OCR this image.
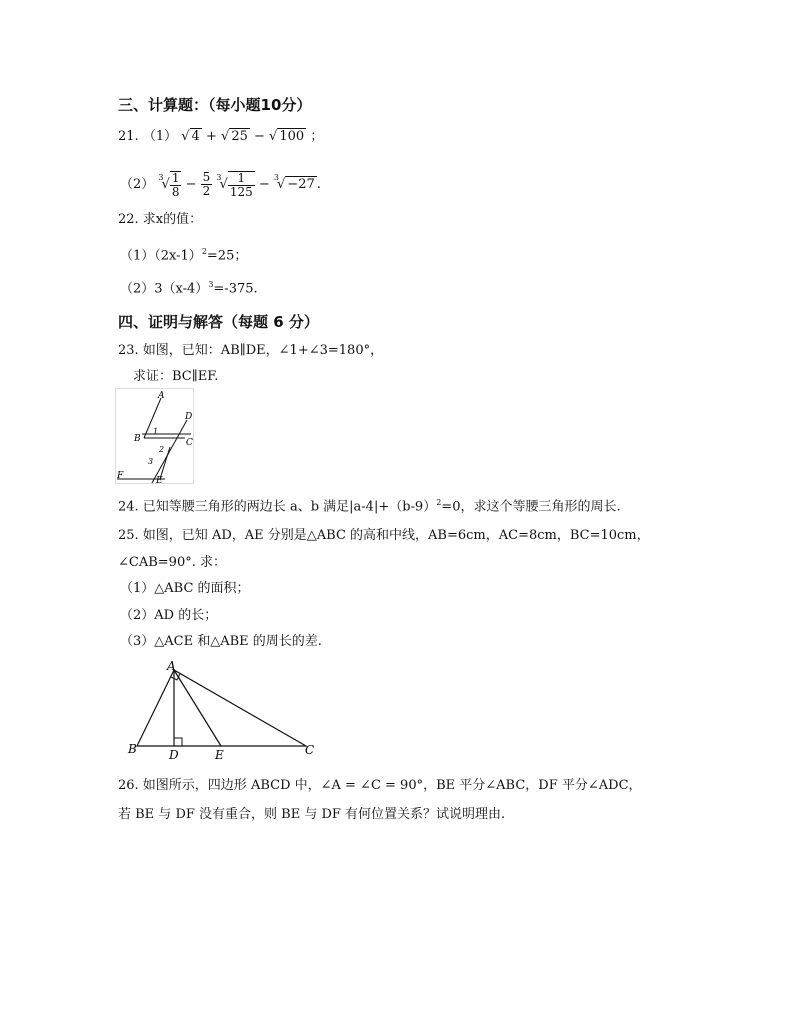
三、计算题：（每小题10分）
21. （1） √ 4 + √ 25 − √ 100 ；
（2） $^3√ \frac{1}{8} - \frac{5}{2} ^3√ \frac{1}{125} - ^3√ -27$ .
22. 求x的值：
$(1)(2x-1)^2=25$；
$(2)3(x-4)^3=-375$.
四、证明与解答（每题 6 分）
23. 如图，已知：AB∥DE，∠1+∠3=180°，
求证：BC∥EF.
A
D
B	C
F	E
1
2
3
24. 已知等腰三角形的两边长 a、b 满足$|a-4|+(b-9)^2=0$，求这个等腰三角形的周长.
25. 如图，已知 AD，AE 分别是△ABC 的高和中线，AB=6cm，AC=8cm，BC=10cm，
∠CAB=90°. 求：
（1）△ABC 的面积；
（2）AD 的长；
（3）△ACE 和△ABE 的周长的差.
A
B	D	E	C
26. 如图所示，四边形 ABCD 中，∠A = ∠C = 90°，BE 平分∠ABC，DF 平分∠ADC，
若 BE 与 DF 没有重合，则 BE 与 DF 有何位置关系？试说明理由.
